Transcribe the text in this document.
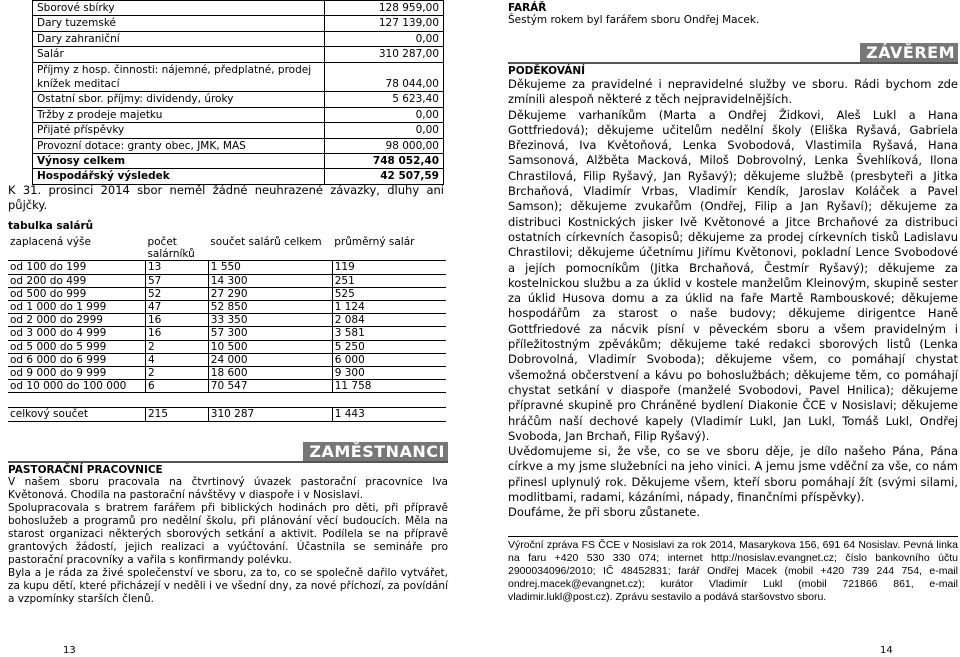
Sborové sbírky	128 959,00
Dary tuzemské	127 139,00
Dary zahraniční	0,00
Salár	310 287,00
Příjmy z hosp. činnosti: nájemné, předplatné, prodej knížek meditací	78 044,00
Ostatní sbor. příjmy: dividendy, úroky	5 623,40
Tržby z prodeje majetku	0,00
Přijaté příspěvky	0,00
Provozní dotace: granty obec, JMK, MAS	98 000,00
Výnosy celkem	748 052,40
Hospodářský výsledek	42 507,59
K 31. prosinci 2014 sbor neměl žádné neuhrazené závazky, dluhy ani půjčky.
tabulka salárů
zaplacená výše	počet salárníků	součet salárů celkem	průměrný salár
od 100 do 199	13	1 550	119
od 200 do 499	57	14 300	251
od 500 do 999	52	27 290	525
od 1 000 do 1 999	47	52 850	1 124
od 2 000 do 2999	16	33 350	2 084
od 3 000 do 4 999	16	57 300	3 581
od 5 000 do 5 999	2	10 500	5 250
od 6 000 do 6 999	4	24 000	6 000
od 9 000 do 9 999	2	18 600	9 300
od 10 000 do 100 000	6	70 547	11 758

celkový součet	215	310 287	1 443
ZAMĚSTNANCI
PASTORAČNÍ PRACOVNICE
V našem sboru pracovala na čtvrtinový úvazek pastorační pracovnice Iva Květonová. Chodila na pastorační návštěvy v diaspoře i v Nosislavi.
Spolupracovala s bratrem farářem při biblických hodinách pro děti, při přípravě bohoslužeb a programů pro nedělní školu, při plánování věcí budoucích. Měla na starost organizaci některých sborových setkání a aktivit. Podílela se na přípravě grantových žádostí, jejich realizaci a vyúčtování. Účastnila se semináře pro pastorační pracovníky a vařila s konfirmandy polévku.
Byla a je ráda za živé společenství ve sboru, za to, co se společně dařilo vytvářet, za kupu dětí, které přicházejí v neděli i ve všední dny, za nové příchozí, za povídání a vzpomínky starších členů.
FARÁŘ
Šestým rokem byl farářem sboru Ondřej Macek.
ZÁVĚREM
PODĚKOVÁNÍ
Děkujeme za pravidelné i nepravidelné služby ve sboru. Rádi bychom zde zmínili alespoň některé z těch nejpravidelnějších.
Děkujeme varhaníkům (Marta a Ondřej Židkovi, Aleš Lukl a Hana Gottfriedová); děkujeme učitelům nedělní školy (Eliška Ryšavá, Gabriela Březinová, Iva Květoňová, Lenka Svobodová, Vlastimila Ryšavá, Hana Samsonová, Alžběta Macková, Miloš Dobrovolný, Lenka Švehlíková, Ilona Chrastilová, Filip Ryšavý, Jan Ryšavý); děkujeme službě (presbyteři a Jitka Brchaňová, Vladimír Vrbas, Vladimír Kendík, Jaroslav Koláček a Pavel Samson); děkujeme zvukařům (Ondřej, Filip a Jan Ryšaví); děkujeme za distribuci Kostnických jisker Ivě Květonové a Jitce Brchaňové za distribuci ostatních církevních časopisů; děkujeme za prodej církevních tisků Ladislavu Chrastilovi; děkujeme účetnímu Jiřímu Květonovi, pokladní Lence Svobodové a jejích pomocníkům (Jitka Brchaňová, Čestmír Ryšavý); děkujeme za kostelnickou službu a za úklid v kostele manželům Kleinovým, skupině sester za úklid Husova domu a za úklid na faře Martě Rambouskové; děkujeme hospodářům za starost o naše budovy; děkujeme dirigentce Haně Gottfriedové za nácvik písní v pěveckém sboru a všem pravidelným i příležitostným zpěvákům; děkujeme také redakci sborových listů (Lenka Dobrovolná, Vladimír Svoboda); děkujeme všem, co pomáhají chystat všemožná občerstvení a kávu po bohoslužbách; děkujeme těm, co pomáhají chystat setkání v diaspoře (manželé Svobodovi, Pavel Hnilica); děkujeme přípravné skupině pro Chráněné bydlení Diakonie ČCE v Nosislavi; děkujeme hráčům naší dechové kapely (Vladimír Lukl, Jan Lukl, Tomáš Lukl, Ondřej Svoboda, Jan Brchaň, Filip Ryšavý).
Uvědomujeme si, že vše, co se ve sboru děje, je dílo našeho Pána, Pána církve a my jsme služebníci na jeho vinici. A jemu jsme vděční za vše, co nám přinesl uplynulý rok. Děkujeme všem, kteří sboru pomáhají žít (svými silami, modlitbami, radami, kázáními, nápady, finančními příspěvky).
Doufáme, že při sboru zůstanete.
Výroční zpráva FS ČCE v Nosislavi za rok 2014, Masarykova 156, 691 64 Nosislav. Pevná linka na faru +420 530 330 074; internet http://nosislav.evangnet.cz; číslo bankovního účtu 2900034096/2010; IČ 48452831; farář Ondřej Macek (mobil +420 739 244 754, e-mail ondrej.macek@evangnet.cz); kurátor Vladimír Lukl (mobil 721866 861, e-mail vladimir.lukl@post.cz). Zprávu sestavilo a podává staršovstvo sboru.
13	14
